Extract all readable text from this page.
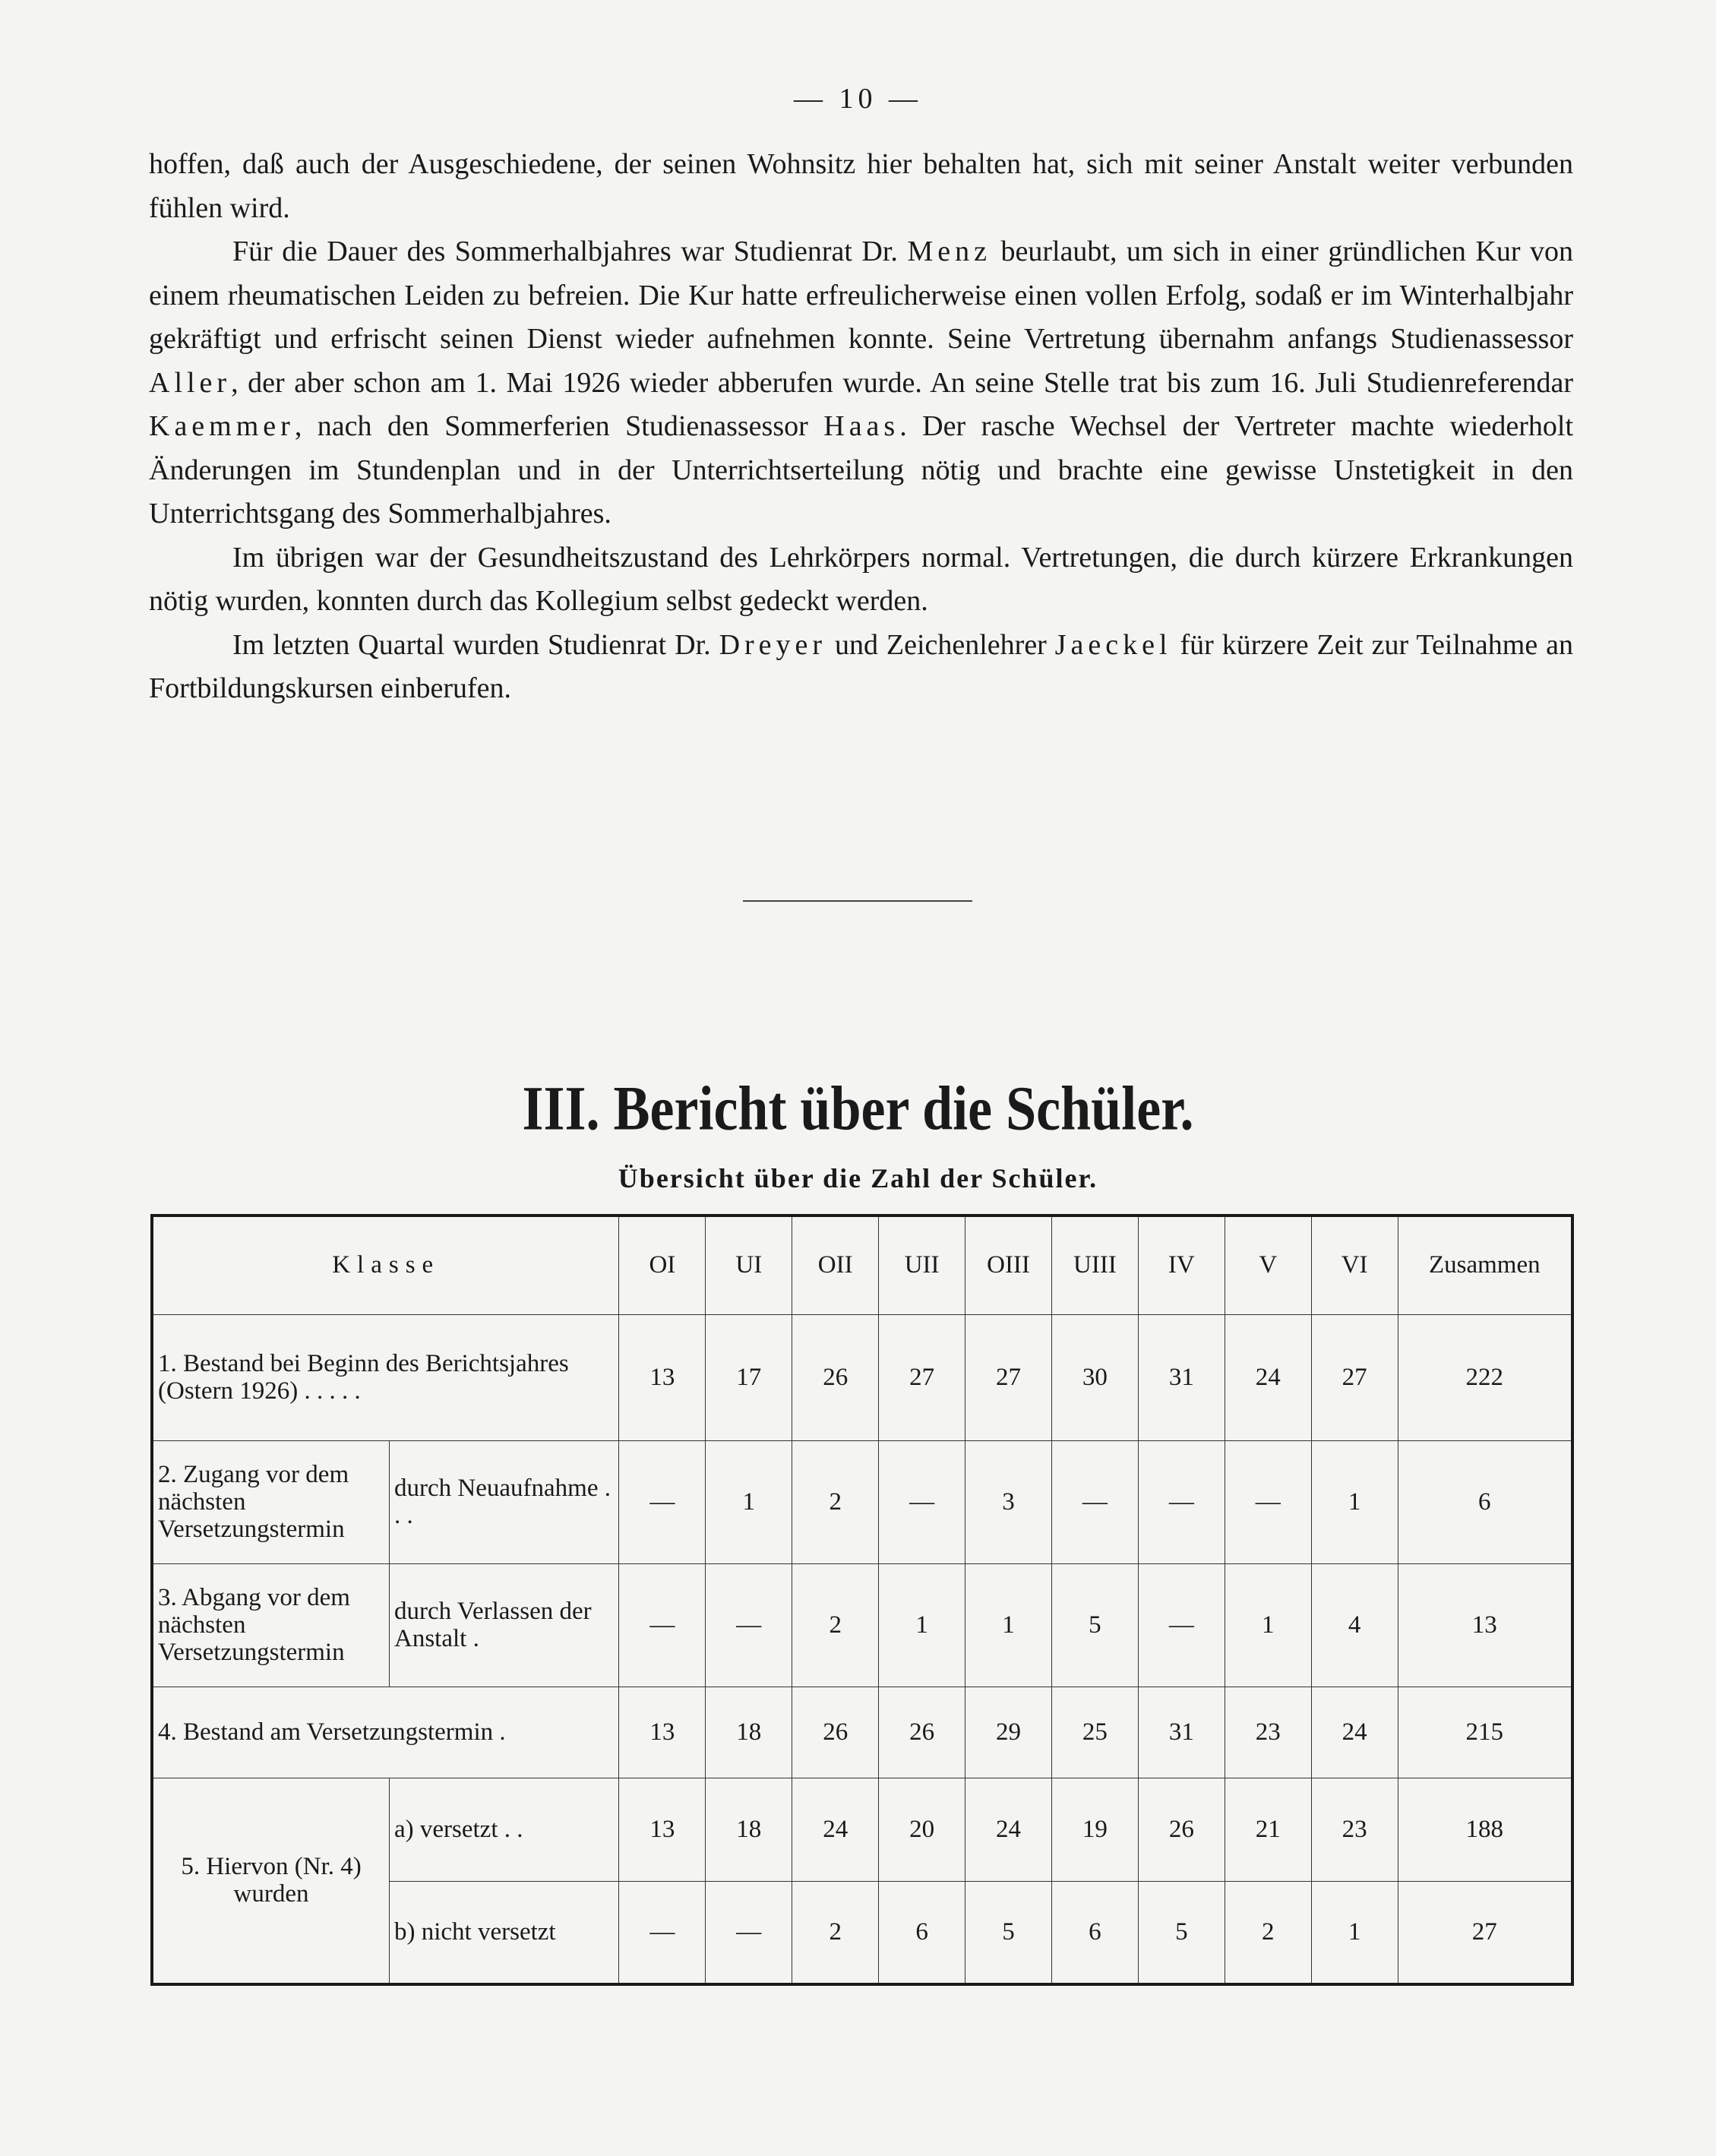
— 10 —

hoffen, daß auch der Ausgeschiedene, der seinen Wohnsitz hier behalten hat, sich mit seiner Anstalt weiter verbunden fühlen wird.

Für die Dauer des Sommerhalbjahres war Studienrat Dr. Menz beurlaubt, um sich in einer gründlichen Kur von einem rheumatischen Leiden zu befreien. Die Kur hatte erfreulicherweise einen vollen Erfolg, sodaß er im Winterhalbjahr gekräftigt und erfrischt seinen Dienst wieder aufnehmen konnte. Seine Vertretung übernahm anfangs Studienassessor Aller, der aber schon am 1. Mai 1926 wieder abberufen wurde. An seine Stelle trat bis zum 16. Juli Studienreferendar Kaemmer, nach den Sommerferien Studienassessor Haas. Der rasche Wechsel der Vertreter machte wiederholt Änderungen im Stundenplan und in der Unterrichtserteilung nötig und brachte eine gewisse Unstetigkeit in den Unterrichtsgang des Sommerhalbjahres.

Im übrigen war der Gesundheitszustand des Lehrkörpers normal. Vertretungen, die durch kürzere Erkrankungen nötig wurden, konnten durch das Kollegium selbst gedeckt werden.

Im letzten Quartal wurden Studienrat Dr. Dreyer und Zeichenlehrer Jaeckel für kürzere Zeit zur Teilnahme an Fortbildungskursen einberufen.

III. Bericht über die Schüler.
Übersicht über die Zahl der Schüler.
Klasse		OI	UI	OII	UII	OIII	UIII	IV	V	VI	Zusammen
1. Bestand bei Beginn des Berichtsjahres (Ostern 1926) . . . . .		13	17	26	27	27	30	31	24	27	222
2. Zugang vor dem nächsten Versetzungstermin	durch Neuaufnahme . . .	—	1	2	—	3	—	—	—	1	6
3. Abgang vor dem nächsten Versetzungstermin	durch Verlassen der Anstalt .	—	—	2	1	1	5	—	1	4	13
4. Bestand am Versetzungstermin .		13	18	26	26	29	25	31	23	24	215
5. Hiervon (Nr. 4) wurden	a) versetzt . .	13	18	24	20	24	19	26	21	23	188
	b) nicht versetzt	—	—	2	6	5	6	5	2	1	27
